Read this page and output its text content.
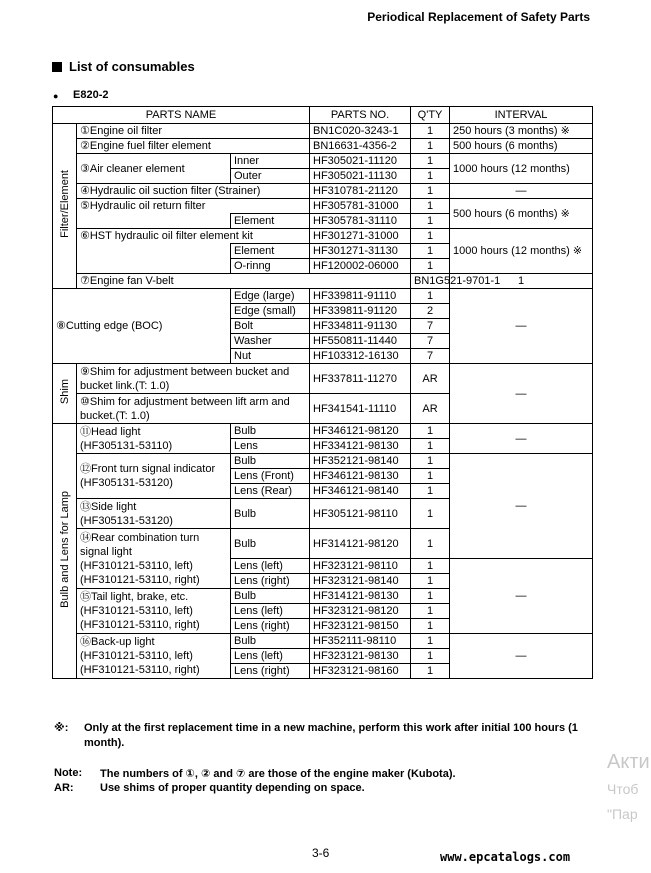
Periodical Replacement of Safety Parts
List of consumables
● E820-2
PARTS NAME			PARTS NO.	Q'TY	INTERVAL	
Filter/Element	①Engine oil filter		BN1C020-3243-1	1	250 hours (3 months) ※	
	②Engine fuel filter element		BN16631-4356-2	1	500 hours (6 months)	
	③Air cleaner element	Inner	HF305021-11120	1	1000 hours (12 months)	
		Outer	HF305021-11130	1		
	④Hydraulic oil suction filter (Strainer)		HF310781-21120	1	—	
	⑤Hydraulic oil return filter		HF305781-31000	1	500 hours (6 months) ※	
		Element	HF305781-31110	1		
	⑥HST hydraulic oil filter element kit		HF301271-31000	1	1000 hours (12 months) ※	
		Element	HF301271-31130	1		
		O-rinng	HF120002-06000	1		
	⑦Engine fan V-belt			BN1G521-9701-1	1	
⑧Cutting edge (BOC)		Edge (large)	HF339811-91110	1	—	
		Edge (small)	HF339811-91120	2		
		Bolt	HF334811-91130	7		
		Washer	HF550811-11440	7		
		Nut	HF103312-16130	7		
Shim	⑨Shim for adjustment between bucket and
bucket link.(T: 1.0)		HF337811-11270	AR	—	

	⑩Shim for adjustment between lift arm and
bucket.(T: 1.0)		HF341541-11110	AR		
Bulb and Lens for Lamp	⑪Head light
(HF305131-53110)	Bulb	HF346121-98120	1	—	
		Lens	HF334121-98130	1		

	⑫Front turn signal indicator
(HF305131-53120)	Bulb	HF352121-98140	1	—	
		Lens (Front)	HF346121-98130	1		
		Lens (Rear)	HF346121-98140	1		

	⑬Side light
(HF305131-53120)	Bulb	HF305121-98110	1		

	⑭Rear combination turn
signal light
(HF310121-53110, left)
(HF310121-53110, right)	Bulb	HF314121-98120	1		
		Lens (left)	HF323121-98110	1	—	
		Lens (right)	HF323121-98140	1		

	⑮Tail light, brake, etc.
(HF310121-53110, left)
(HF310121-53110, right)	Bulb	HF314121-98130	1		
		Lens (left)	HF323121-98120	1		
		Lens (right)	HF323121-98150	1		

	⑯Back-up light
(HF310121-53110, left)
(HF310121-53110, right)	Bulb	HF352111-98110	1	—	
		Lens (left)	HF323121-98130	1		
		Lens (right)	HF323121-98160	1		
※: Only at the first replacement time in a new machine, perform this work after initial 100 hours (1 month).
Note: The numbers of ①, ② and ⑦ are those of the engine maker (Kubota).
AR: Use shims of proper quantity depending on space.
3-6	www.epcatalogs.com
Акти
Чтоб
"Пар
